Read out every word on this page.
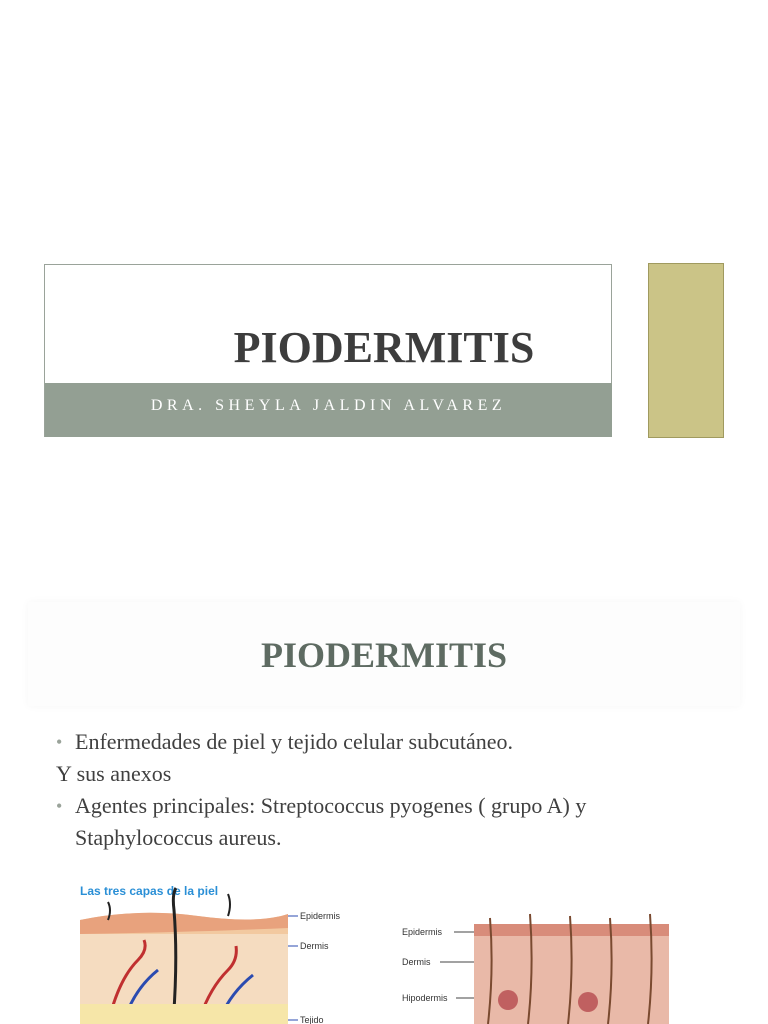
PIODERMITIS
DRA. SHEYLA JALDIN ALVAREZ
PIODERMITIS
• Enfermedades de piel y tejido celular subcutáneo.
Y sus anexos
• Agentes principales: Streptococcus pyogenes ( grupo A) y
Staphylococcus aureus.
Las tres capas de la piel
Epidermis
Dermis
Tejido
Epidermis
Dermis
Hipodermis
